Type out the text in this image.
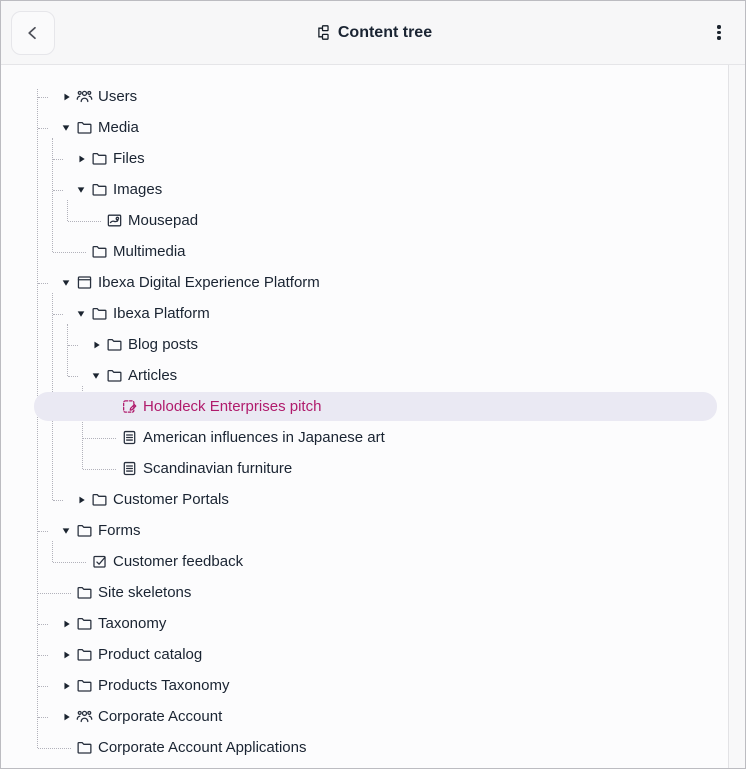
Content tree
Users
Media
Files
Images
Mousepad
Multimedia
Ibexa Digital Experience Platform
Ibexa Platform
Blog posts
Articles
Holodeck Enterprises pitch
American influences in Japanese art
Scandinavian furniture
Customer Portals
Forms
Customer feedback
Site skeletons
Taxonomy
Product catalog
Products Taxonomy
Corporate Account
Corporate Account Applications
